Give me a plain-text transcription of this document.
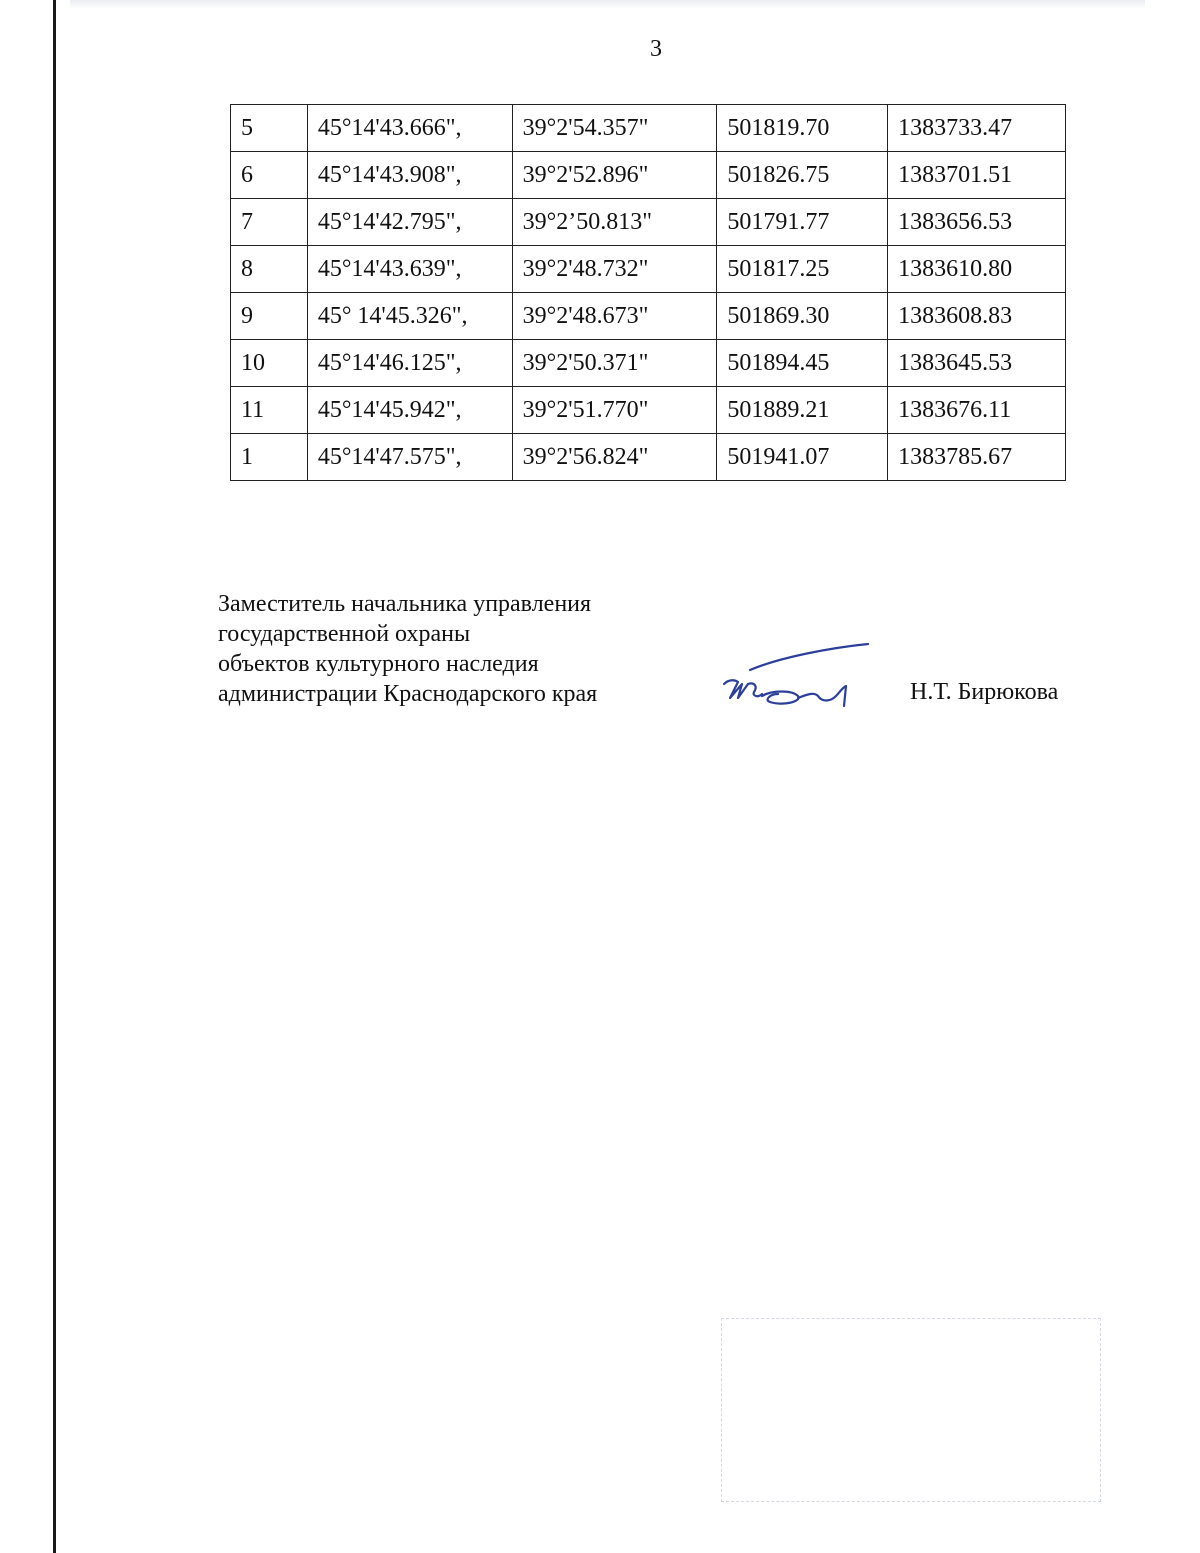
3
5	45°14'43.666",	39°2'54.357"	501819.70	1383733.47
6	45°14'43.908",	39°2'52.896"	501826.75	1383701.51
7	45°14'42.795",	39°2’50.813"	501791.77	1383656.53
8	45°14'43.639",	39°2'48.732"	501817.25	1383610.80
9	45° 14'45.326",	39°2'48.673"	501869.30	1383608.83
10	45°14'46.125",	39°2'50.371"	501894.45	1383645.53
11	45°14'45.942",	39°2'51.770"	501889.21	1383676.11
1	45°14'47.575",	39°2'56.824"	501941.07	1383785.67
Заместитель начальника управления
государственной охраны
объектов культурного наследия
администрации Краснодарского края	Н.Т. Бирюкова
